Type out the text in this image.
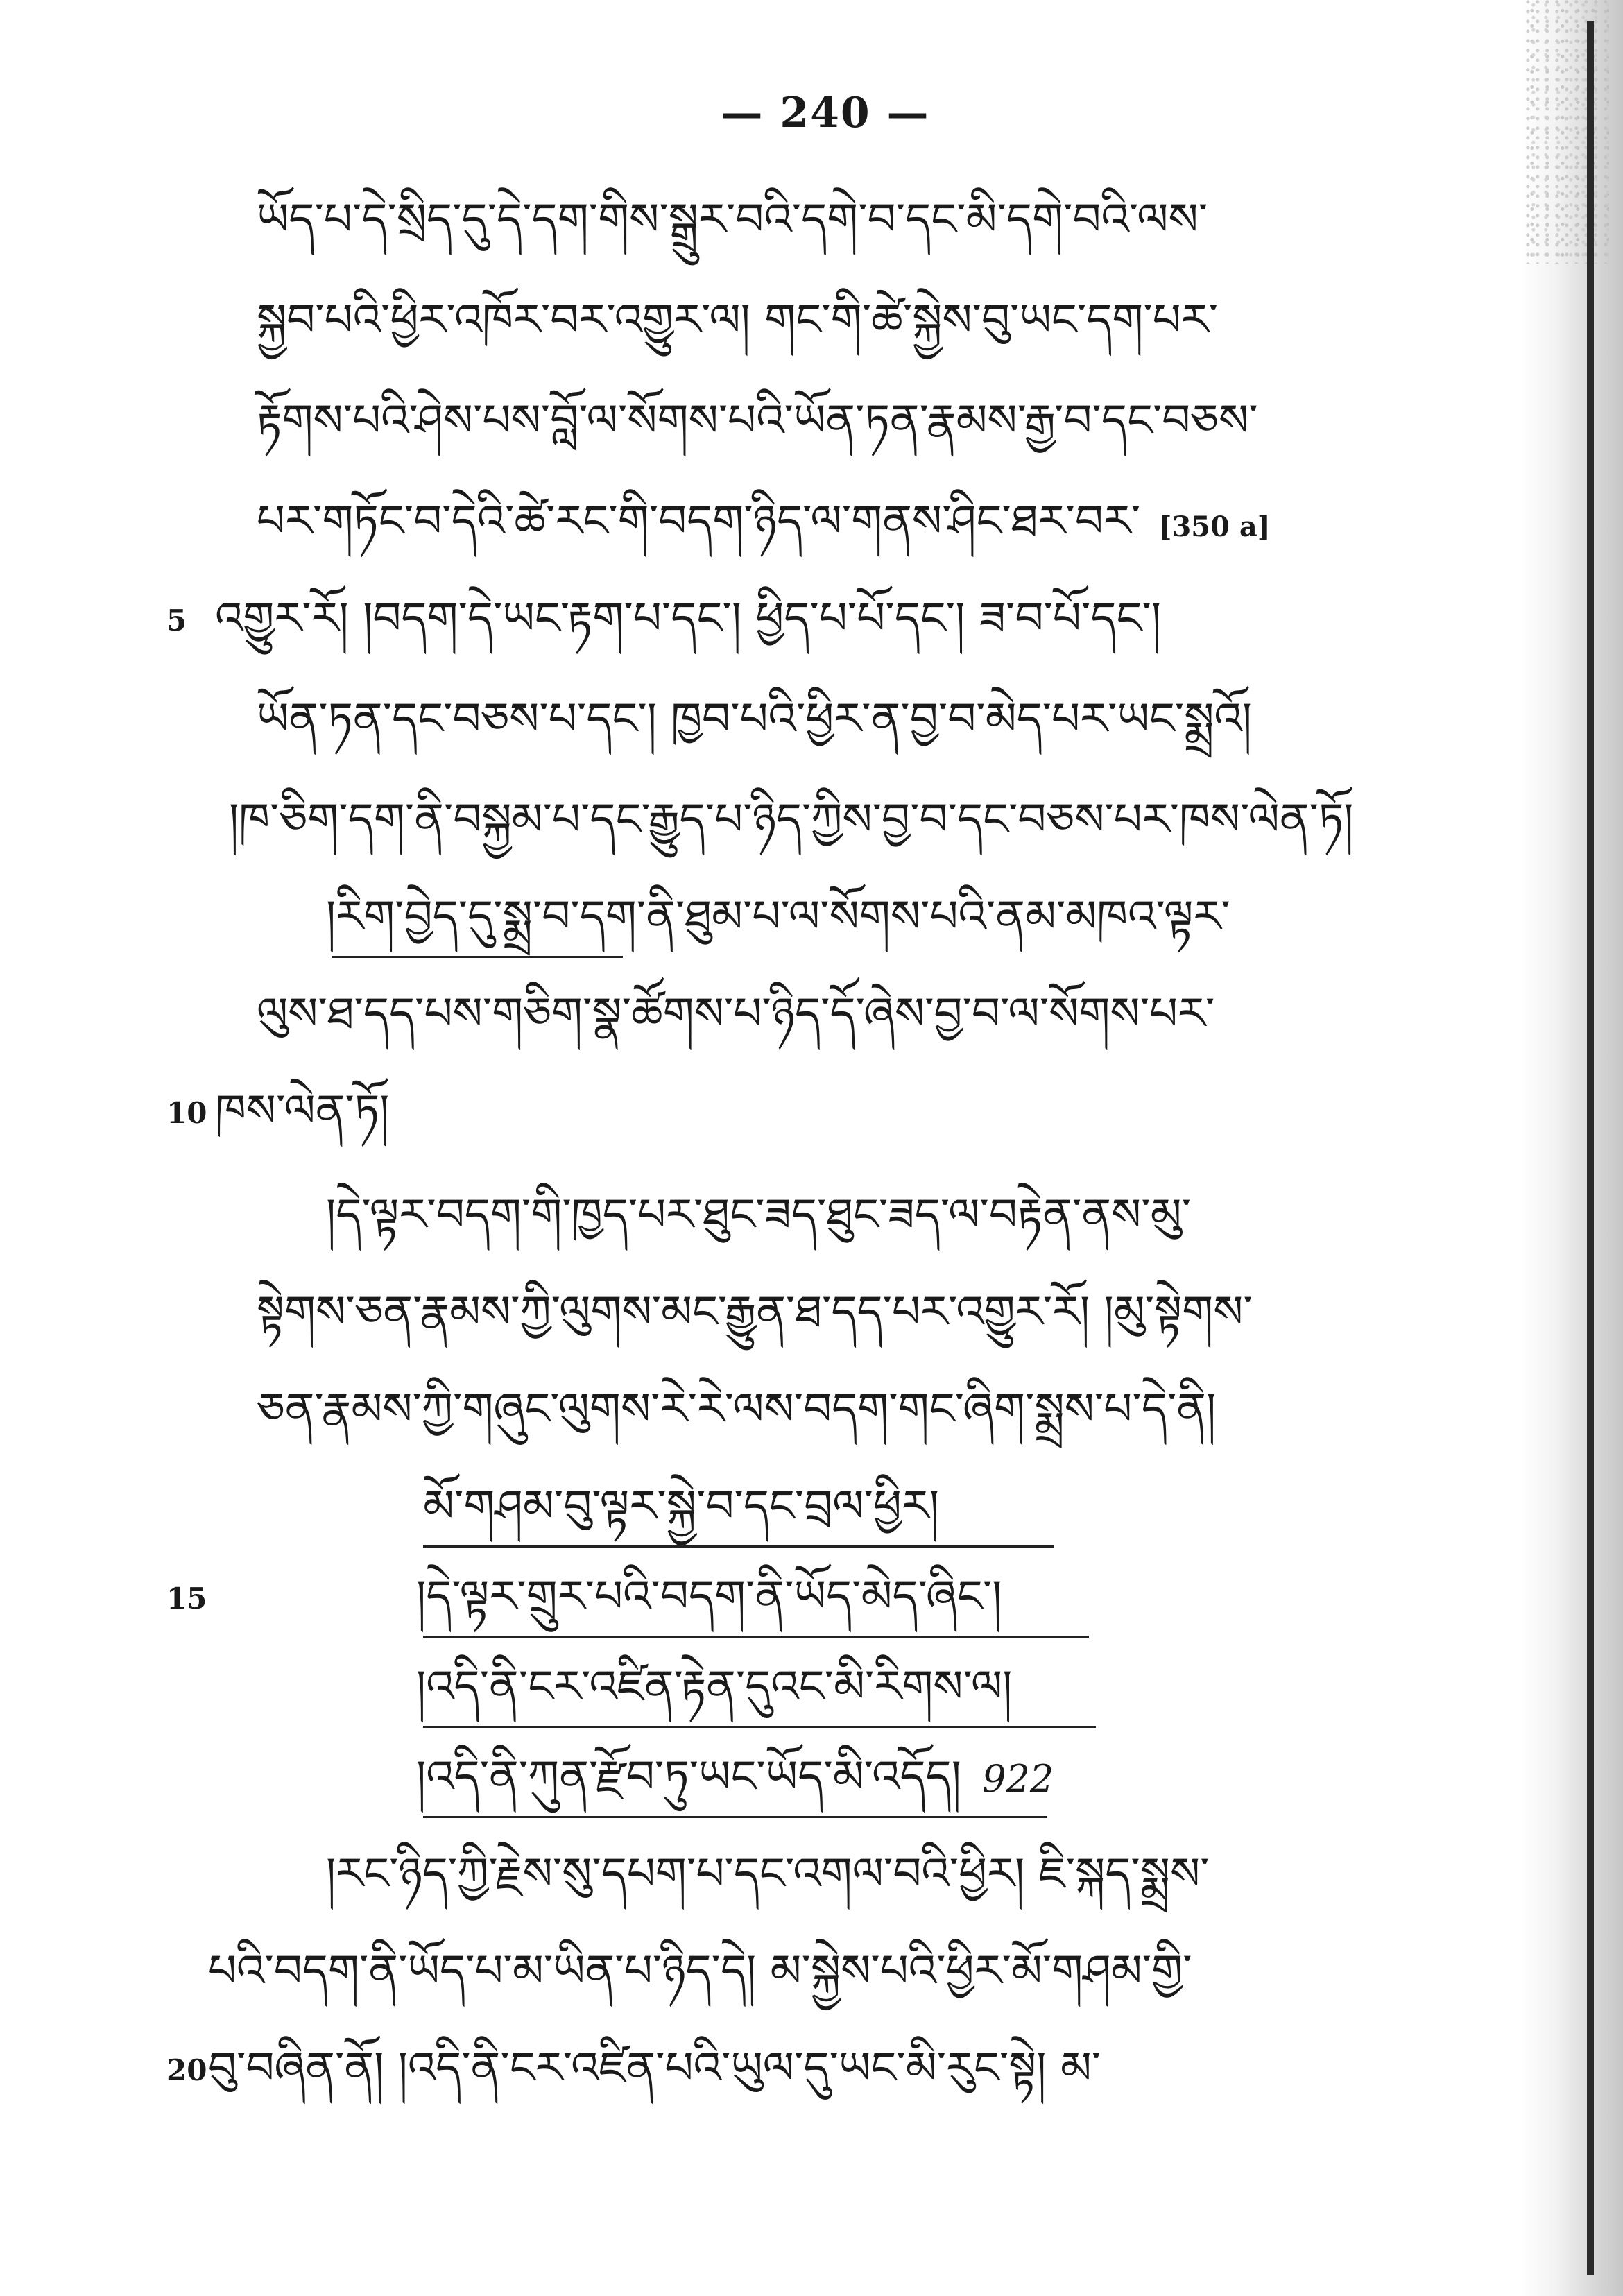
— 240 —
ཡོད་པ་དེ་སྲིད་དུ་དེ་དག་གིས་སྒྲུར་བའི་དགེ་བ་དང་མི་དགེ་བའི་ལས་
སྐྱབ་པའི་ཕྱིར་འཁོར་བར་འགྱུར་ལ། གང་གི་ཚེ་སྐྱེས་བུ་ཡང་དག་པར་
རྟོགས་པའི་ཤེས་པས་བློ་ལ་སོགས་པའི་ཡོན་ཏན་རྣམས་རྒྱ་བ་དང་བཅས་
པར་གཏོང་བ་དེའི་ཚེ་རང་གི་བདག་ཉིད་ལ་གནས་ཤིང་ཐར་བར་ [350 a]
5 འགྱུར་རོ། །བདག་དེ་ཡང་རྟག་པ་དང་། ཕྱིད་པ་པོ་དང་། ཟ་བ་པོ་དང་།
ཡོན་ཏན་དང་བཅས་པ་དང་། ཁྱབ་པའི་ཕྱིར་ན་བྱ་བ་མེད་པར་ཡང་སྨྲའོ།
།ཁ་ཅིག་དག་ནི་བསྐྱམ་པ་དང་རྒྱུད་པ་ཉིད་ཀྱིས་བྱ་བ་དང་བཅས་པར་ཁས་ལེན་ཏོ།
།རིག་བྱེད་དུ་སྨྲ་བ་དག་ནི་ཐུམ་པ་ལ་སོགས་པའི་ནམ་མཁའ་ལྟར་
ལུས་ཐ་དད་པས་གཅིག་སྣ་ཚོགས་པ་ཉིད་དོ་ཞེས་བྱ་བ་ལ་སོགས་པར་
10 ཁས་ལེན་ཏོ།
།དེ་ལྟར་བདག་གི་ཁྱད་པར་ཐུང་ཟད་ཐུང་ཟད་ལ་བརྟེན་ནས་མུ་
སྟེགས་ཅན་རྣམས་ཀྱི་ལུགས་མང་རྒྱུན་ཐ་དད་པར་འགྱུར་རོ། །མུ་སྟེགས་
ཅན་རྣམས་ཀྱི་གཞུང་ལུགས་རེ་རེ་ལས་བདག་གང་ཞིག་སྨྲས་པ་དེ་ནི།
མོ་གཤམ་བུ་ལྟར་སྐྱེ་བ་དང་བྲལ་ཕྱིར།
15	།དེ་ལྟར་གྲུར་པའི་བདག་ནི་ཡོད་མེད་ཞིང་།
།འདི་ནི་ངར་འཛིན་རྟེན་དུའང་མི་རིགས་ལ།
།འདི་ནི་ཀུན་རྫོབ་ཏུ་ཡང་ཡོད་མི་འདོད། 922
།རང་ཉིད་ཀྱི་རྗེས་སུ་དཔག་པ་དང་འགལ་བའི་ཕྱིར། ཇི་སྐད་སྨྲས་
པའི་བདག་ནི་ཡོད་པ་མ་ཡིན་པ་ཉིད་དེ། མ་སྐྱེས་པའི་ཕྱིར་མོ་གཤམ་གྱི་
20 བུ་བཞིན་ནོ། །འདི་ནི་ངར་འཛིན་པའི་ཡུལ་དུ་ཡང་མི་རུང་སྟེ། མ་
